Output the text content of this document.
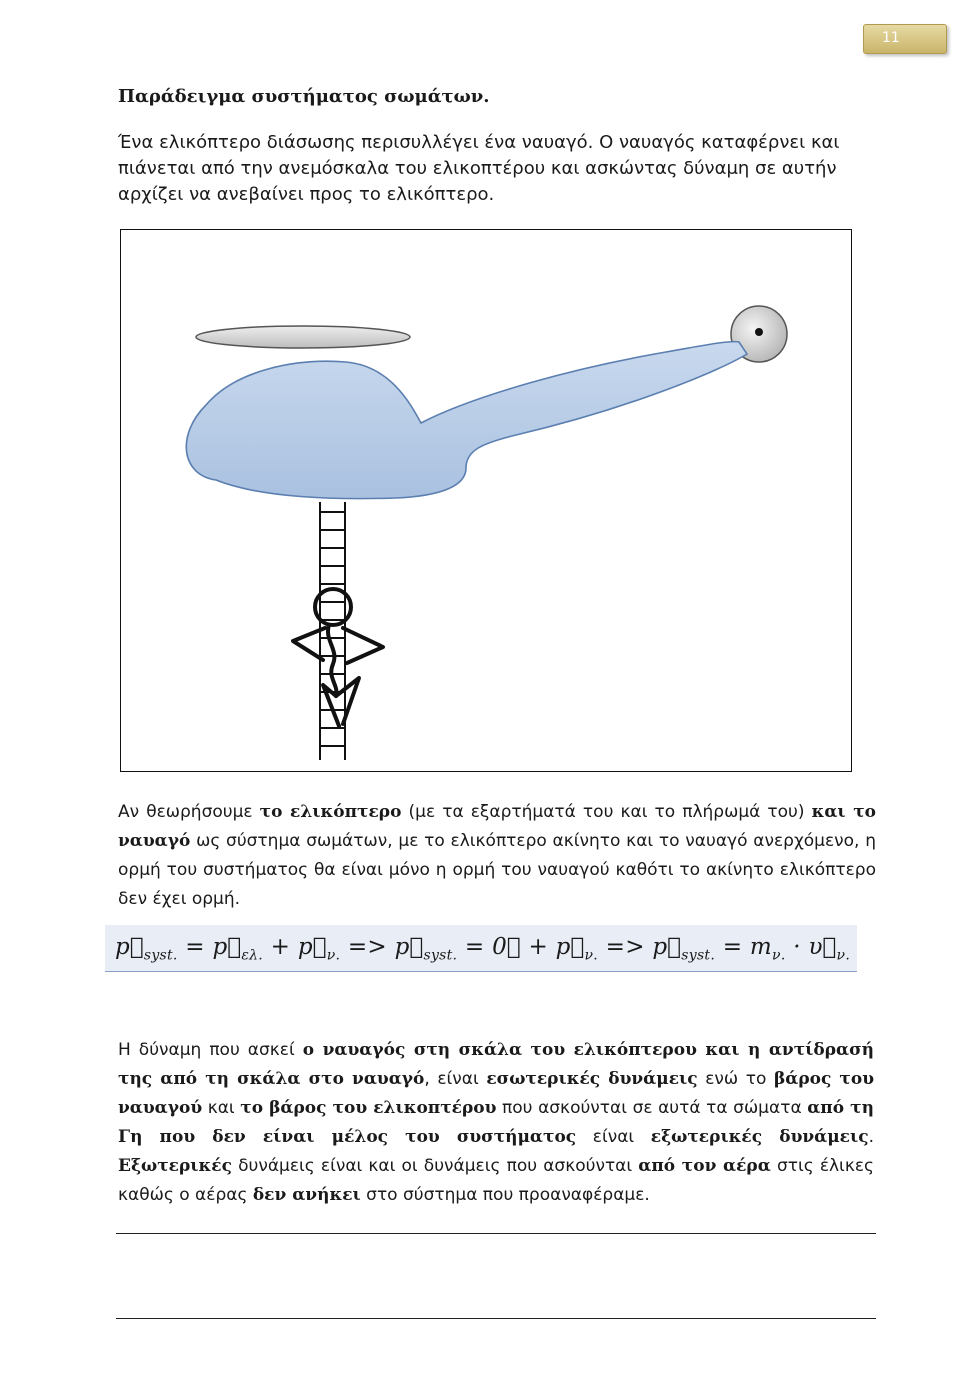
11
Παράδειγμα συστήματος σωμάτων.
Ένα ελικόπτερο διάσωσης περισυλλέγει ένα ναυαγό. Ο ναυαγός καταφέρνει και πιάνεται από την ανεμόσκαλα του ελικοπτέρου και ασκώντας δύναμη σε αυτήν αρχίζει να ανεβαίνει προς το ελικόπτερο.
Αν θεωρήσουμε το ελικόπτερο (με τα εξαρτήματά του και το πλήρωμά του) και το ναυαγό ως σύστημα σωμάτων, με το ελικόπτερο ακίνητο και το ναυαγό ανερχόμενο, η ορμή του συστήματος θα είναι μόνο η ορμή του ναυαγού καθότι το ακίνητο ελικόπτερο δεν έχει ορμή.
$p⃗_{syst.}$ = $p⃗_{\varepsilon\lambda.}$ + $p⃗_{\nu.}$ => $p⃗_{syst.}$ = 0⃗ + $p⃗_{\nu.}$ => $p⃗_{syst.} = m_{\nu.}$ · $\upsilon⃗_{\nu.}$
Η δύναμη που ασκεί ο ναυαγός στη σκάλα του ελικόπτερου και η αντίδρασή της από τη σκάλα στο ναυαγό, είναι εσωτερικές δυνάμεις ενώ το βάρος του ναυαγού και το βάρος του ελικοπτέρου που ασκούνται σε αυτά τα σώματα από τη Γη που δεν είναι μέλος του συστήματος είναι εξωτερικές δυνάμεις. Εξωτερικές δυνάμεις είναι και οι δυνάμεις που ασκούνται από τον αέρα στις έλικες καθώς ο αέρας δεν ανήκει στο σύστημα που προαναφέραμε.
